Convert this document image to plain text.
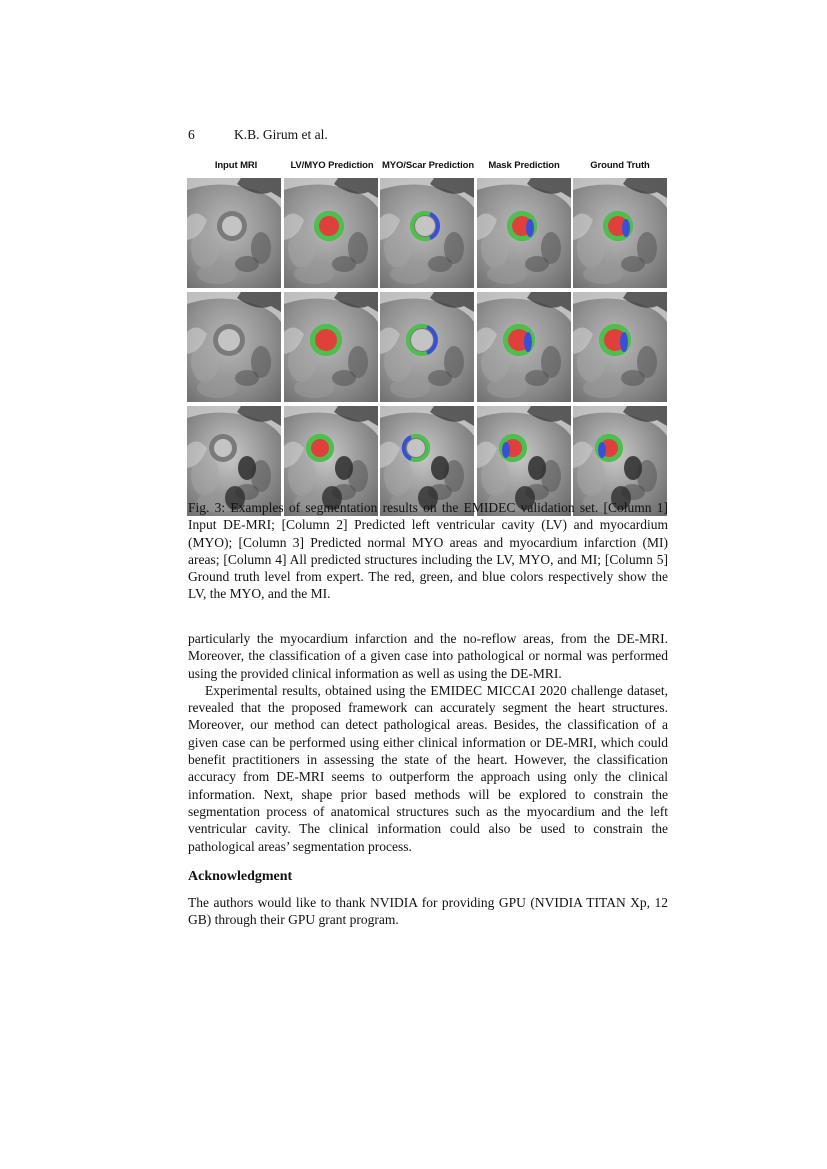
6	K.B. Girum et al.
Input MRI	LV/MYO Prediction MYO/Scar Prediction	Mask Prediction	Ground Truth
Fig. 3: Examples of segmentation results on the EMIDEC validation set. [Column 1] Input DE-MRI; [Column 2] Predicted left ventricular cavity (LV) and myocardium (MYO); [Column 3] Predicted normal MYO areas and myocardium infarction (MI) areas; [Column 4] All predicted structures including the LV, MYO, and MI; [Column 5] Ground truth level from expert. The red, green, and blue colors respectively show the LV, the MYO, and the MI.

particularly the myocardium infarction and the no-reflow areas, from the DE-MRI. Moreover, the classification of a given case into pathological or normal was performed using the provided clinical information as well as using the DE-MRI.

Experimental results, obtained using the EMIDEC MICCAI 2020 challenge dataset, revealed that the proposed framework can accurately segment the heart structures. Moreover, our method can detect pathological areas. Besides, the classification of a given case can be performed using either clinical information or DE-MRI, which could benefit practitioners in assessing the state of the heart. However, the classification accuracy from DE-MRI seems to outperform the approach using only the clinical information. Next, shape prior based methods will be explored to constrain the segmentation process of anatomical structures such as the myocardium and the left ventricular cavity. The clinical information could also be used to constrain the pathological areas’ segmentation process.

Acknowledgment
The authors would like to thank NVIDIA for providing GPU (NVIDIA TITAN Xp, 12 GB) through their GPU grant program.
